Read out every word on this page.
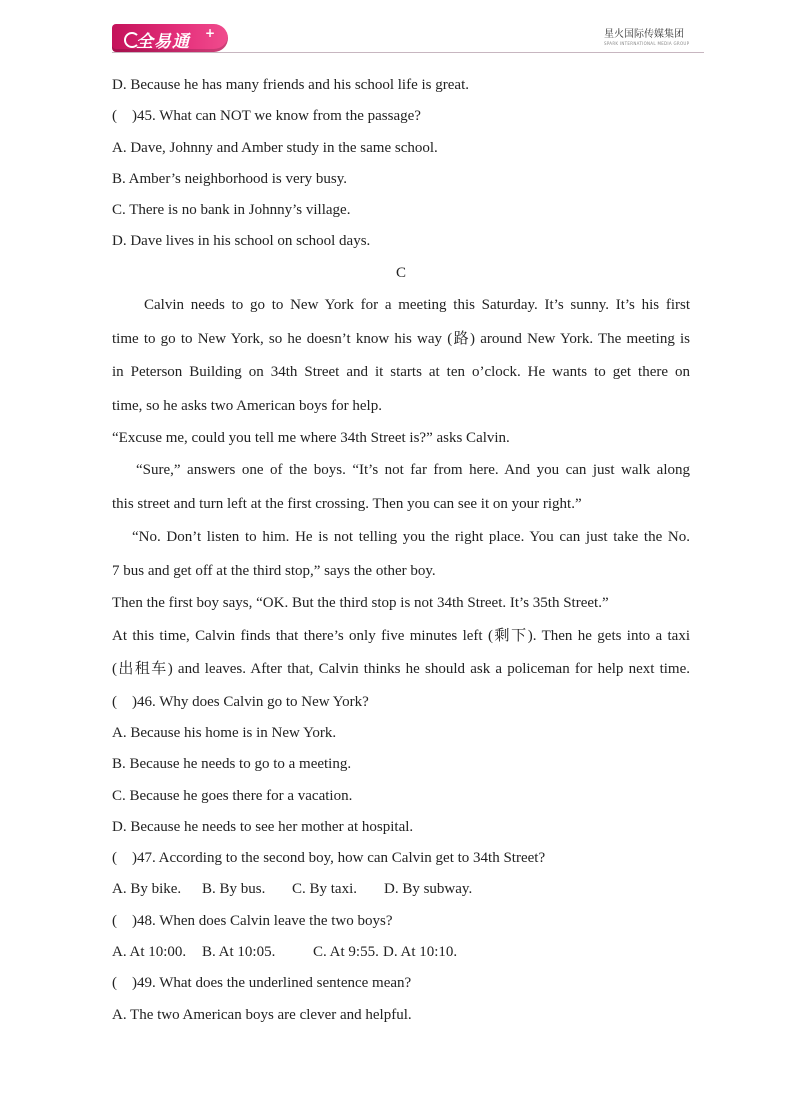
全易通 +	星火国际传媒集团
SPARK INTERNATIONAL MEDIA GROUP
D. Because he has many friends and his school life is great.
(　)45. What can NOT we know from the passage?
A. Dave, Johnny and Amber study in the same school.
B. Amber’s neighborhood is very busy.
C. There is no bank in Johnny’s village.
D. Dave lives in his school on school days.
C
Calvin needs to go to New York for a meeting this Saturday. It’s sunny. It’s his first
time to go to New York, so he doesn’t know his way (路) around New York. The meeting is
in Peterson Building on 34th Street and it starts at ten o’clock. He wants to get there on
time, so he asks two American boys for help.
“Excuse me, could you tell me where 34th Street is?” asks Calvin.
“Sure,” answers one of the boys. “It’s not far from here. And you can just walk along
this street and turn left at the first crossing. Then you can see it on your right.”
“No. Don’t listen to him. He is not telling you the right place. You can just take the No.
7 bus and get off at the third stop,” says the other boy.
Then the first boy says, “OK. But the third stop is not 34th Street. It’s 35th Street.”
At this time, Calvin finds that there’s only five minutes left (剩下). Then he gets into a taxi
(出租车) and leaves. After that, Calvin thinks he should ask a policeman for help next time.
(　)46. Why does Calvin go to New York?
A. Because his home is in New York.
B. Because he needs to go to a meeting.
C. Because he goes there for a vacation.
D. Because he needs to see her mother at hospital.
(　)47. According to the second boy, how can Calvin get to 34th Street?
A. By bike. B. By bus. C. By taxi. D. By subway.
(　)48. When does Calvin leave the two boys?
A. At 10:00. B. At 10:05.	C. At 9:55. D. At 10:10.
(　)49. What does the underlined sentence mean?
A. The two American boys are clever and helpful.
